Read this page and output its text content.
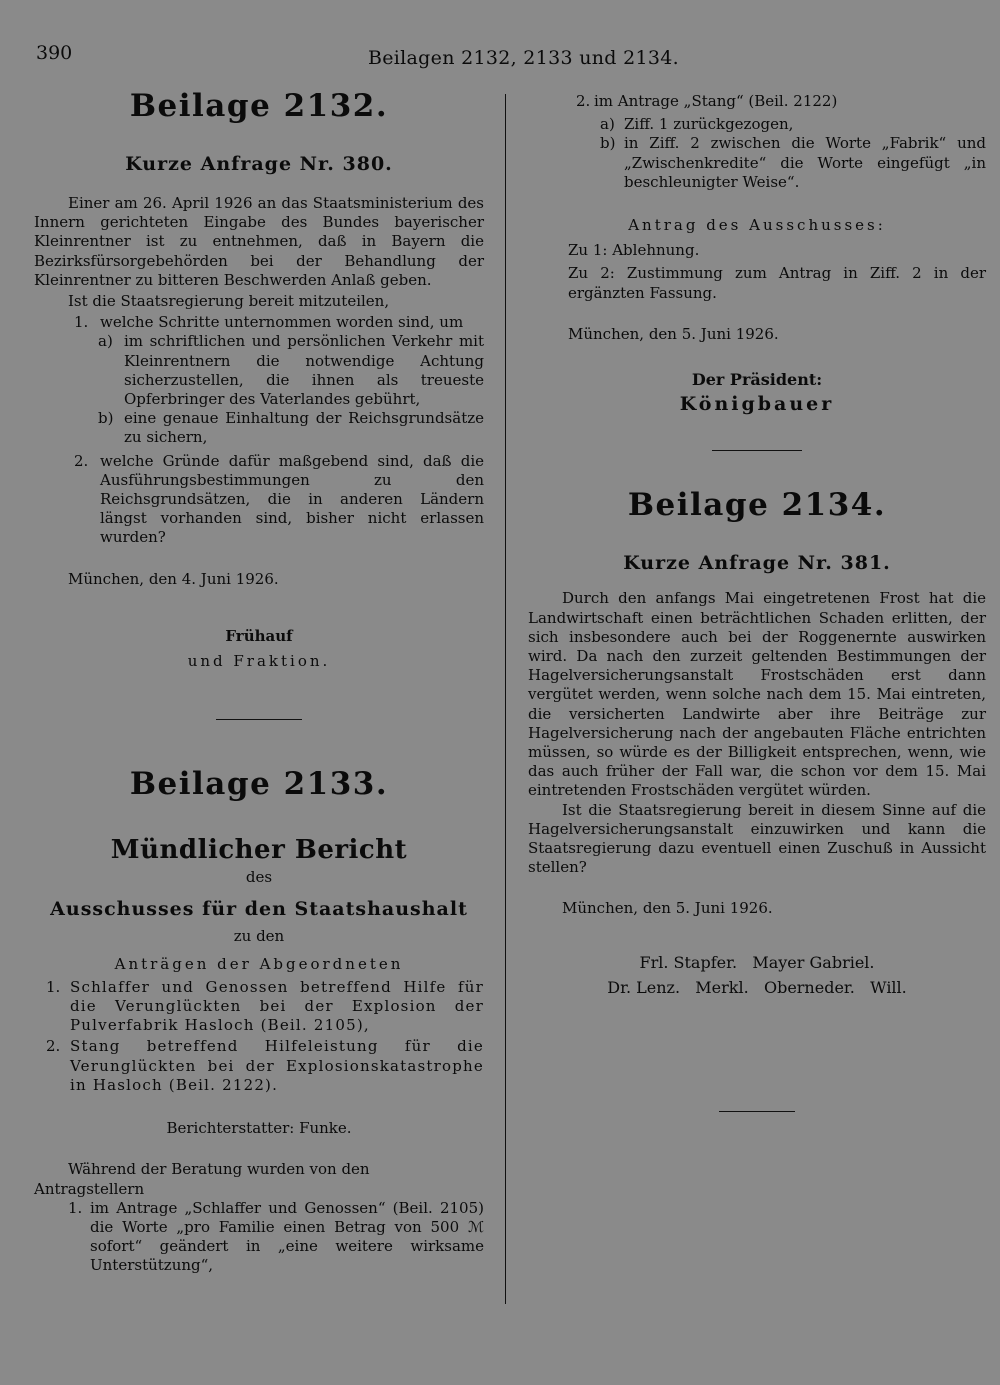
390	Beilagen 2132, 2133 und 2134.
Beilage 2132.
Kurze Anfrage Nr. 380.

Einer am 26. April 1926 an das Staatsministerium des Innern gerichteten Eingabe des Bundes bayerischer Kleinrentner ist zu entnehmen, daß in Bayern die Bezirksfürsorgebehörden bei der Behandlung der Kleinrentner zu bitteren Beschwerden Anlaß geben.

Ist die Staatsregierung bereit mitzuteilen,

1. welche Schritte unternommen worden sind, um
a) im schriftlichen und persönlichen Verkehr mit Kleinrentnern die notwendige Achtung sicherzustellen, die ihnen als treueste Opferbringer des Vaterlandes gebührt,
b) eine genaue Einhaltung der Reichsgrundsätze zu sichern,
2. welche Gründe dafür maßgebend sind, daß die Ausführungsbestimmungen zu den Reichsgrundsätzen, die in anderen Ländern längst vorhanden sind, bisher nicht erlassen wurden?

München, den 4. Juni 1926.

Frühauf

und Fraktion.

Beilage 2133.
Mündlicher Bericht

des

Ausschusses für den Staatshaushalt

zu den

Anträgen der Abgeordneten

1. Schlaffer und Genossen betreffend Hilfe für die Verunglückten bei der Explosion der Pulverfabrik Hasloch (Beil. 2105),
2. Stang betreffend Hilfeleistung für die Verunglückten bei der Explosionskatastrophe in Hasloch (Beil. 2122).

Berichterstatter: Funke.

Während der Beratung wurden von den Antragstellern

1. im Antrage „Schlaffer und Genossen“ (Beil. 2105) die Worte „pro Familie einen Betrag von 500 ℳ sofort“ geändert in „eine weitere wirksame Unterstützung“,
2. im Antrage „Stang“ (Beil. 2122)
a) Ziff. 1 zurückgezogen,
b) in Ziff. 2 zwischen die Worte „Fabrik“ und „Zwischenkredite“ die Worte eingefügt „in beschleunigter Weise“.

Antrag des Ausschusses:

Zu 1: Ablehnung.

Zu 2: Zustimmung zum Antrag in Ziff. 2 in der ergänzten Fassung.

München, den 5. Juni 1926.

Der Präsident:

Königbauer

Beilage 2134.
Kurze Anfrage Nr. 381.

Durch den anfangs Mai eingetretenen Frost hat die Landwirtschaft einen beträchtlichen Schaden erlitten, der sich insbesondere auch bei der Roggenernte auswirken wird. Da nach den zurzeit geltenden Bestimmungen der Hagelversicherungsanstalt Frostschäden erst dann vergütet werden, wenn solche nach dem 15. Mai eintreten, die versicherten Landwirte aber ihre Beiträge zur Hagelversicherung nach der angebauten Fläche entrichten müssen, so würde es der Billigkeit entsprechen, wenn, wie das auch früher der Fall war, die schon vor dem 15. Mai eintretenden Frostschäden vergütet würden.

Ist die Staatsregierung bereit in diesem Sinne auf die Hagelversicherungsanstalt einzuwirken und kann die Staatsregierung dazu eventuell einen Zuschuß in Aussicht stellen?

München, den 5. Juni 1926.

Frl. Stapfer.   Mayer Gabriel.

Dr. Lenz.   Merkl.   Oberneder.   Will.
